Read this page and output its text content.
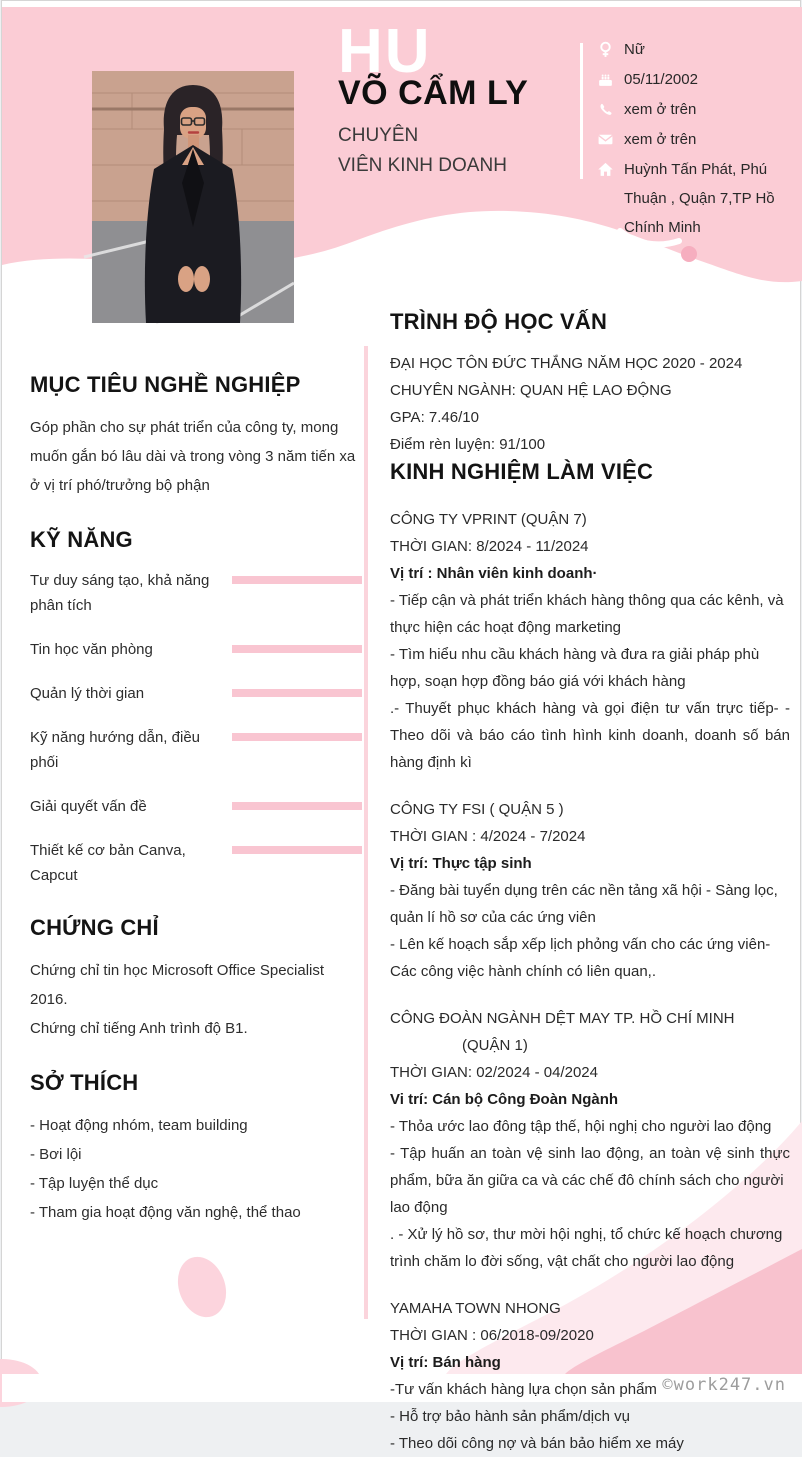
HU
VÕ CẨM LY
CHUYÊN
VIÊN KINH DOANH
Nữ
05/11/2002
xem ở trên
xem ở trên
Huỳnh Tấn Phát, Phú Thuận , Quận 7,TP Hồ Chính Minh
MỤC TIÊU NGHỀ NGHIỆP

Góp phần cho sự phát triển của công ty, mong muốn gắn bó lâu dài và trong vòng 3 năm tiến xa ở vị trí phó/trưởng bộ phận

KỸ NĂNG
Tư duy sáng tạo, khả năng phân tích
Tin học văn phòng
Quản lý thời gian
Kỹ năng hướng dẫn, điều phối
Giải quyết vấn đề
Thiết kế cơ bản Canva, Capcut
CHỨNG CHỈ

Chứng chỉ tin học Microsoft Office Specialist 2016.

Chứng chỉ tiếng Anh trình độ B1.

SỞ THÍCH

- Hoạt động nhóm, team building

- Bơi lội

- Tập luyện thể dục

- Tham gia hoạt động văn nghệ, thể thao

TRÌNH ĐỘ HỌC VẤN

ĐẠI HỌC TÔN ĐỨC THẮNG NĂM HỌC 2020 - 2024

CHUYÊN NGÀNH: QUAN HỆ LAO ĐỘNG

GPA: 7.46/10

Điểm rèn luyện: 91/100

KINH NGHIỆM LÀM VIỆC

CÔNG TY VPRINT (QUẬN 7)

THỜI GIAN: 8/2024 - 11/2024

Vị trí : Nhân viên kinh doanh·

- Tiếp cận và phát triển khách hàng thông qua các kênh, và thực hiện các hoạt động marketing

- Tìm hiểu nhu cầu khách hàng và đưa ra giải pháp phù hợp, soạn hợp đồng báo giá với khách hàng

.- Thuyết phục khách hàng và gọi điện tư vấn trực tiếp- - Theo dõi và báo cáo tình hình kinh doanh, doanh số bán hàng định kì

CÔNG TY FSI ( QUẬN 5 )

THỜI GIAN : 4/2024 - 7/2024

Vị trí: Thực tập sinh

- Đăng bài tuyển dụng trên các nền tảng xã hội - Sàng lọc, quản lí hồ sơ của các ứng viên

- Lên kế hoạch sắp xếp lịch phỏng vấn cho các ứng viên- Các công việc hành chính có liên quan,.

CÔNG ĐOÀN NGÀNH DỆT MAY TP. HỒ CHÍ MINH

(QUẬN 1)

THỜI GIAN: 02/2024 - 04/2024

Vi trí: Cán bộ Công Đoàn Ngành

- Thỏa ước lao đông tập thế, hội nghị cho người lao động

- Tập huấn an toàn vệ sinh lao động, an toàn vệ sinh thực phẩm, bữa ăn giữa ca và các chế đô chính sách cho người

lao động

. - Xử lý hồ sơ, thư mời hội nghị, tổ chức kế hoạch chương trình chăm lo đời sống, vật chất cho người lao động

YAMAHA TOWN NHONG

THỜI GIAN : 06/2018-09/2020

Vị trí: Bán hàng

-Tư vấn khách hàng lựa chọn sản phẩm

- Hỗ trợ bảo hành sản phẩm/dịch vụ

- Theo dõi công nợ và bán bảo hiểm xe máy

©work247.vn
